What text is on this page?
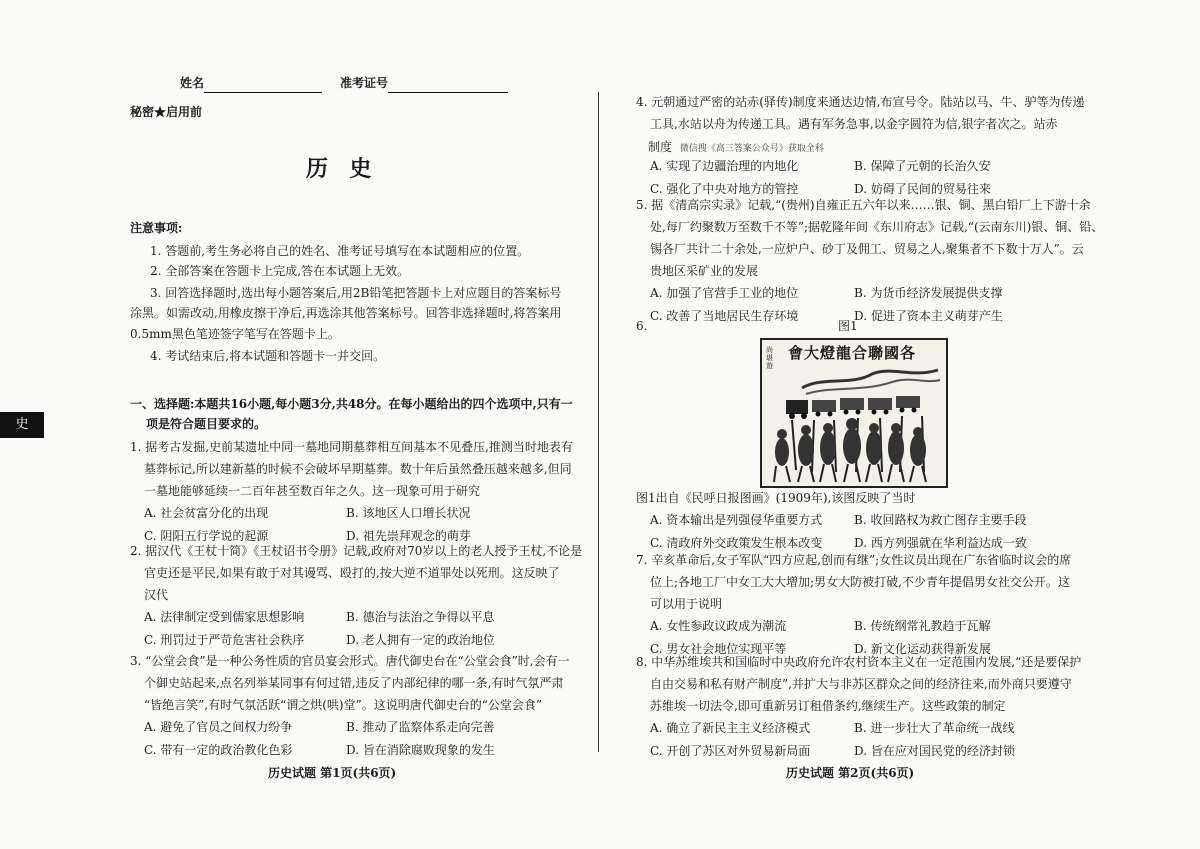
姓名	准考证号
秘密★启用前
历  史
注意事项:
1. 答题前,考生务必将自己的姓名、准考证号填写在本试题相应的位置。
2. 全部答案在答题卡上完成,答在本试题上无效。
3. 回答选择题时,选出每小题答案后,用2B铅笔把答题卡上对应题目的答案标号
涂黑。如需改动,用橡皮擦干净后,再选涂其他答案标号。回答非选择题时,将答案用
0.5mm黑色笔迹签字笔写在答题卡上。
4. 考试结束后,将本试题和答题卡一并交回。
一、选择题:本题共16小题,每小题3分,共48分。在每小题给出的四个选项中,只有一
项是符合题目要求的。
史
1. 据考古发掘,史前某遗址中同一墓地同期墓葬相互间基本不见叠压,推测当时地表有
墓葬标记,所以建新墓的时候不会破坏早期墓葬。数十年后虽然叠压越来越多,但同
一墓地能够延续一二百年甚至数百年之久。这一现象可用于研究
A. 社会贫富分化的出现	B. 该地区人口增长状况
C. 阴阳五行学说的起源	D. 祖先崇拜观念的萌芽
2. 据汉代《王杖十简》《王杖诏书令册》记载,政府对70岁以上的老人授予王杖,不论是
官吏还是平民,如果有敢于对其谩骂、殴打的,按大逆不道罪处以死刑。这反映了
汉代
A. 法律制定受到儒家思想影响	B. 德治与法治之争得以平息
C. 刑罚过于严苛危害社会秩序	D. 老人拥有一定的政治地位
3. “公堂会食”是一种公务性质的官员宴会形式。唐代御史台在“公堂会食”时,会有一
个御史站起来,点名列举某同事有何过错,违反了内部纪律的哪一条,有时气氛严肃
“皆绝言笑”,有时气氛活跃“谓之烘(哄)堂”。这说明唐代御史台的“公堂会食”
A. 避免了官员之间权力纷争	B. 推动了监察体系走向完善
C. 带有一定的政治教化色彩	D. 旨在消除腐败现象的发生
4. 元朝通过严密的站赤(驿传)制度来通达边情,布宣号令。陆站以马、牛、驴等为传递
工具,水站以舟为传递工具。遇有军务急事,以金字圆符为信,银字者次之。站赤
A. 实现了边疆治理的内地化	B. 保障了元朝的长治久安
C. 强化了中央对地方的管控	D. 妨碍了民间的贸易往来
5. 据《清高宗实录》记载,“(贵州)自雍正五六年以来……银、铜、黑白铅厂上下游十余
处,每厂约聚数万至数千不等”;据乾隆年间《东川府志》记载,“(云南东川)银、铜、铅、
锡各厂共计二十余处,一应炉户、砂丁及佣工、贸易之人,聚集者不下数十万人”。云
贵地区采矿业的发展
A. 加强了官营手工业的地位	B. 为货币经济发展提供支撑
C. 改善了当地居民生存环境	D. 促进了资本主义萌芽产生
图1出自《民呼日报图画》(1909年),该图反映了当时
A. 资本输出是列强侵华重要方式	B. 收回路权为救亡图存主要手段
C. 清政府外交政策发生根本改变	D. 西方列强就在华利益达成一致
7. 辛亥革命后,女子军队“四方应起,创而有继”;女性议员出现在广东省临时议会的席
位上;各地工厂中女工大大增加;男女大防被打破,不少青年提倡男女社交公开。这
可以用于说明
A. 女性参政议政成为潮流	B. 传统纲常礼教趋于瓦解
C. 男女社会地位实现平等	D. 新文化运动获得新发展
8. 中华苏维埃共和国临时中央政府允许农村资本主义在一定范围内发展,“还是要保护
自由交易和私有财产制度”,并扩大与非苏区群众之间的经济往来,而外商只要遵守
苏维埃一切法令,即可重新另订租借条约,继续生产。这些政策的制定
A. 确立了新民主主义经济模式	B. 进一步壮大了革命统一战线
C. 开创了苏区对外贸易新局面	D. 旨在应对国民党的经济封锁
制度 微信搜《高三答案公众号》获取全科
6.	图1
會大燈龍合聯國各
尚堪遊
历史试题 第1页(共6页)	历史试题 第2页(共6页)
